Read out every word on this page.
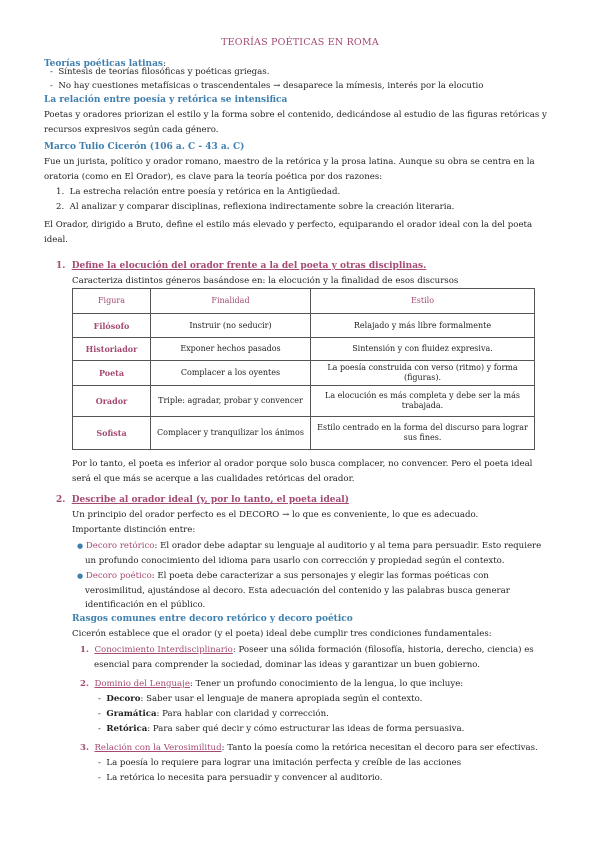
TEORÍAS POÉTICAS EN ROMA
Teorías poéticas latinas:
-  Síntesis de teorías filosóficas y poéticas griegas.
-  No hay cuestiones metafísicas o trascendentales → desaparece la mímesis, interés por la elocutio
La relación entre poesía y retórica se intensifica
Poetas y oradores priorizan el estilo y la forma sobre el contenido, dedicándose al estudio de las figuras retóricas y
recursos expresivos según cada género.
Marco Tulio Cicerón (106 a. C - 43 a. C)
Fue un jurista, político y orador romano, maestro de la retórica y la prosa latina. Aunque su obra se centra en la
oratoria (como en El Orador), es clave para la teoría poética por dos razones:
1.  La estrecha relación entre poesía y retórica en la Antigüedad.
2.  Al analizar y comparar disciplinas, reflexiona indirectamente sobre la creación literaria.
El Orador, dirigido a Bruto, define el estilo más elevado y perfecto, equiparando el orador ideal con la del poeta
ideal.
1. Define la elocución del orador frente a la del poeta y otras disciplinas.
Caracteriza distintos géneros basándose en: la elocución y la finalidad de esos discursos
Figura	Finalidad	Estilo
Filósofo	Instruir (no seducir)	Relajado y más libre formalmente
Historiador	Exponer hechos pasados	Sintensión y con fluidez expresiva.
Poeta	Complacer a los oyentes	La poesía construida con verso (ritmo) y forma (figuras).
Orador	Triple: agradar, probar y convencer	La elocución es más completa y debe ser la más trabajada.
Sofista	Complacer y tranquilizar los ánimos	Estilo centrado en la forma del discurso para lograr sus fines.
Por lo tanto, el poeta es inferior al orador porque solo busca complacer, no convencer. Pero el poeta ideal
será el que más se acerque a las cualidades retóricas del orador.
2. Describe al orador ideal (y, por lo tanto, el poeta ideal)
Un principio del orador perfecto es el DECORO → lo que es conveniente, lo que es adecuado.
Importante distinción entre:
● Decoro retórico: El orador debe adaptar su lenguaje al auditorio y al tema para persuadir. Esto requiere
un profundo conocimiento del idioma para usarlo con corrección y propiedad según el contexto.
● Decoro poético: El poeta debe caracterizar a sus personajes y elegir las formas poéticas con
verosimilitud, ajustándose al decoro. Esta adecuación del contenido y las palabras busca generar
identificación en el público.
Rasgos comunes entre decoro retórico y decoro poético
Cicerón establece que el orador (y el poeta) ideal debe cumplir tres condiciones fundamentales:
1. Conocimiento Interdisciplinario: Poseer una sólida formación (filosofía, historia, derecho, ciencia) es
esencial para comprender la sociedad, dominar las ideas y garantizar un buen gobierno.
2. Dominio del Lenguaje: Tener un profundo conocimiento de la lengua, lo que incluye:
-  Decoro: Saber usar el lenguaje de manera apropiada según el contexto.
-  Gramática: Para hablar con claridad y corrección.
-  Retórica: Para saber qué decir y cómo estructurar las ideas de forma persuasiva.
3. Relación con la Verosimilitud: Tanto la poesía como la retórica necesitan el decoro para ser efectivas.
-  La poesía lo requiere para lograr una imitación perfecta y creíble de las acciones
-  La retórica lo necesita para persuadir y convencer al auditorio.
